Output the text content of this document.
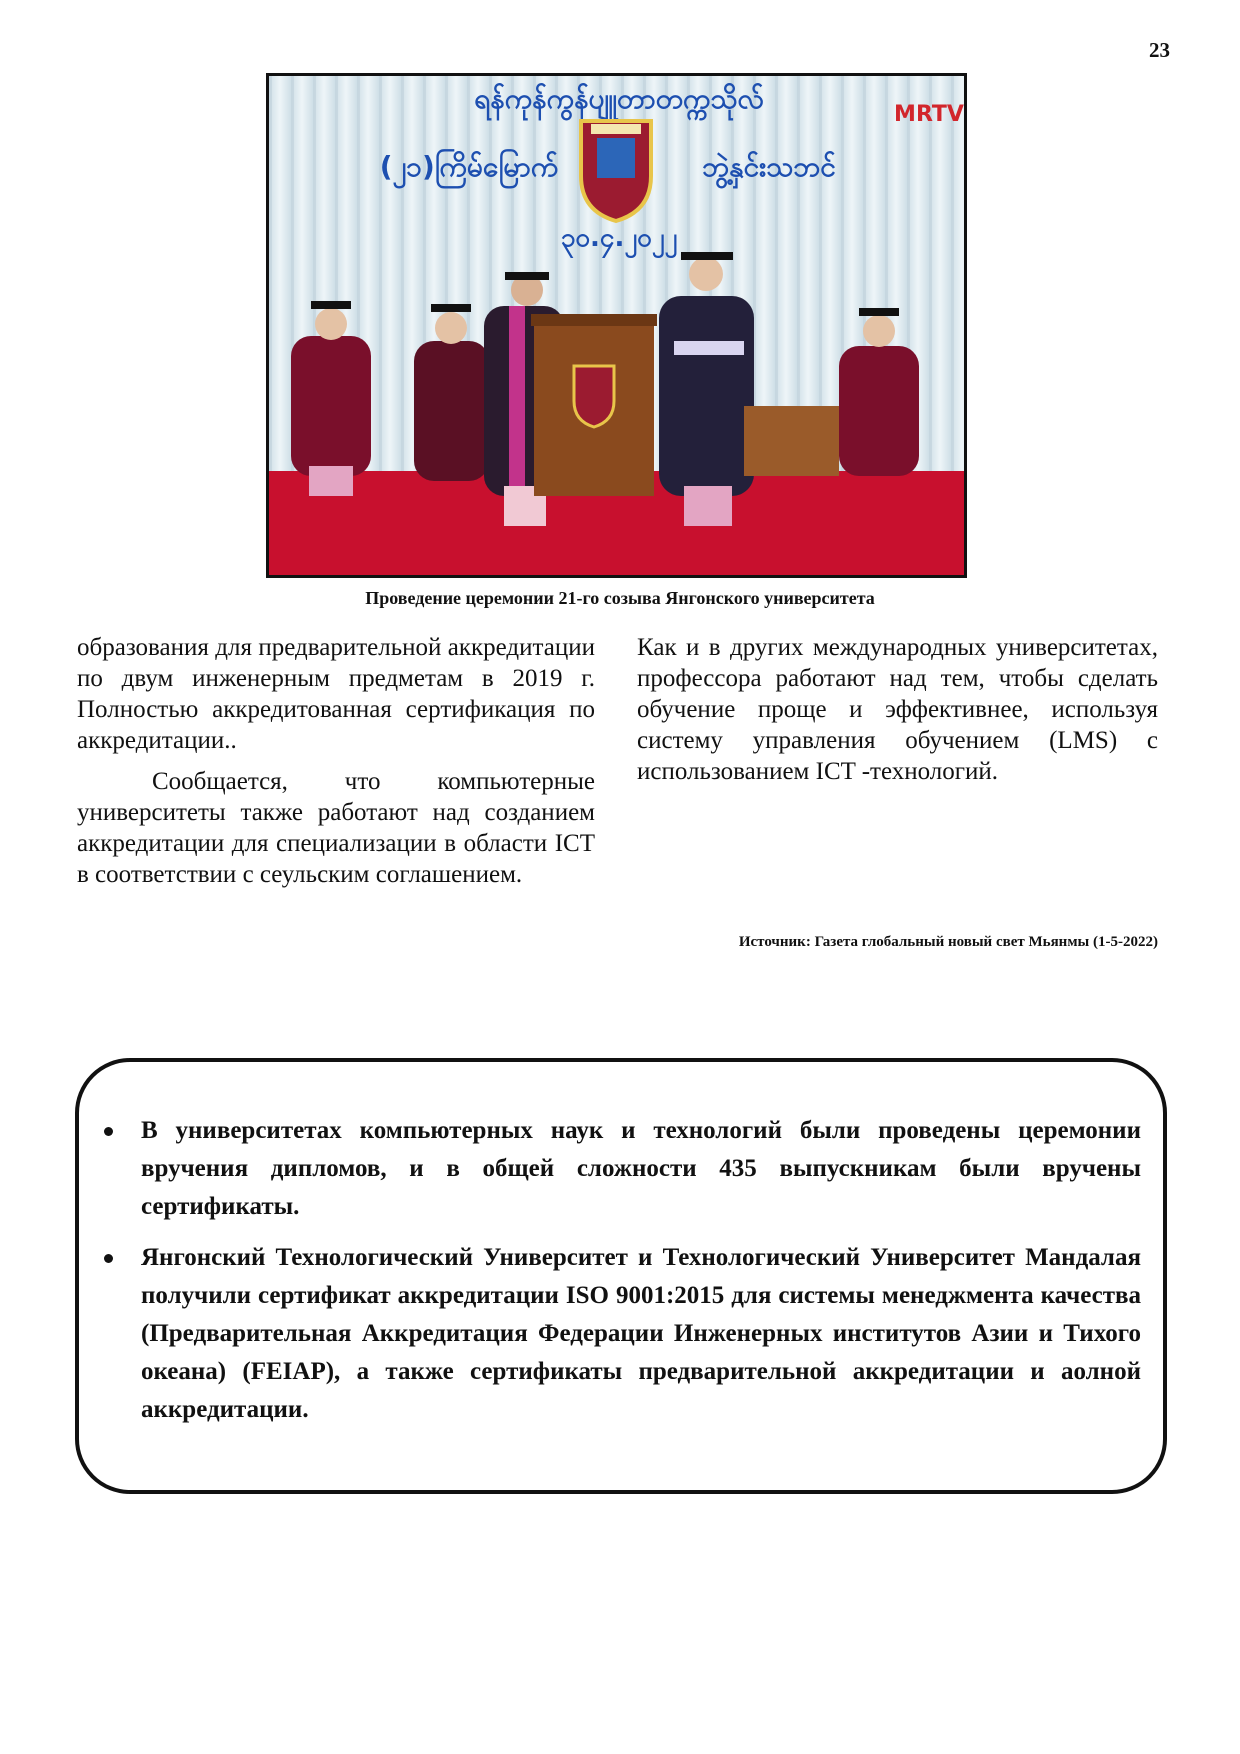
23
ရန်ကုန်ကွန်ပျူတာတက္ကသိုလ်
(၂၁)ကြိမ်မြောက်	ဘွဲ့နှင်းသဘင်
၃၀.၄.၂၀၂၂
MRTV
Проведение церемонии 21-го созыва Янгонского университета

образования для предварительной аккредитации по двум инженерным предметам в 2019 г. Полностью аккредитованная сертификация по аккредитации..

Сообщается, что компьютерные университеты также работают над созданием аккредитации для специализации в области ICT в соответствии с сеульским соглашением.

Как и в других международных университетах, профессора работают над тем, чтобы сделать обучение проще и эффективнее, используя систему управления обучением (LMS) с использованием ICT -технологий.

Источник: Газета глобальный новый свет Мьянмы (1-5-2022)
В университетах компьютерных наук и технологий были проведены церемонии вручения дипломов, и в общей сложности 435 выпускникам были вручены сертификаты.
Янгонский Технологический Университет и Технологический Университет Мандалая получили сертификат аккредитации ISO 9001:2015 для системы менеджмента качества (Предварительная Аккредитация Федерации Инженерных институтов Азии и Тихого океана) (FEIAP), а также сертификаты предварительной аккредитации и аолной аккредитации.
